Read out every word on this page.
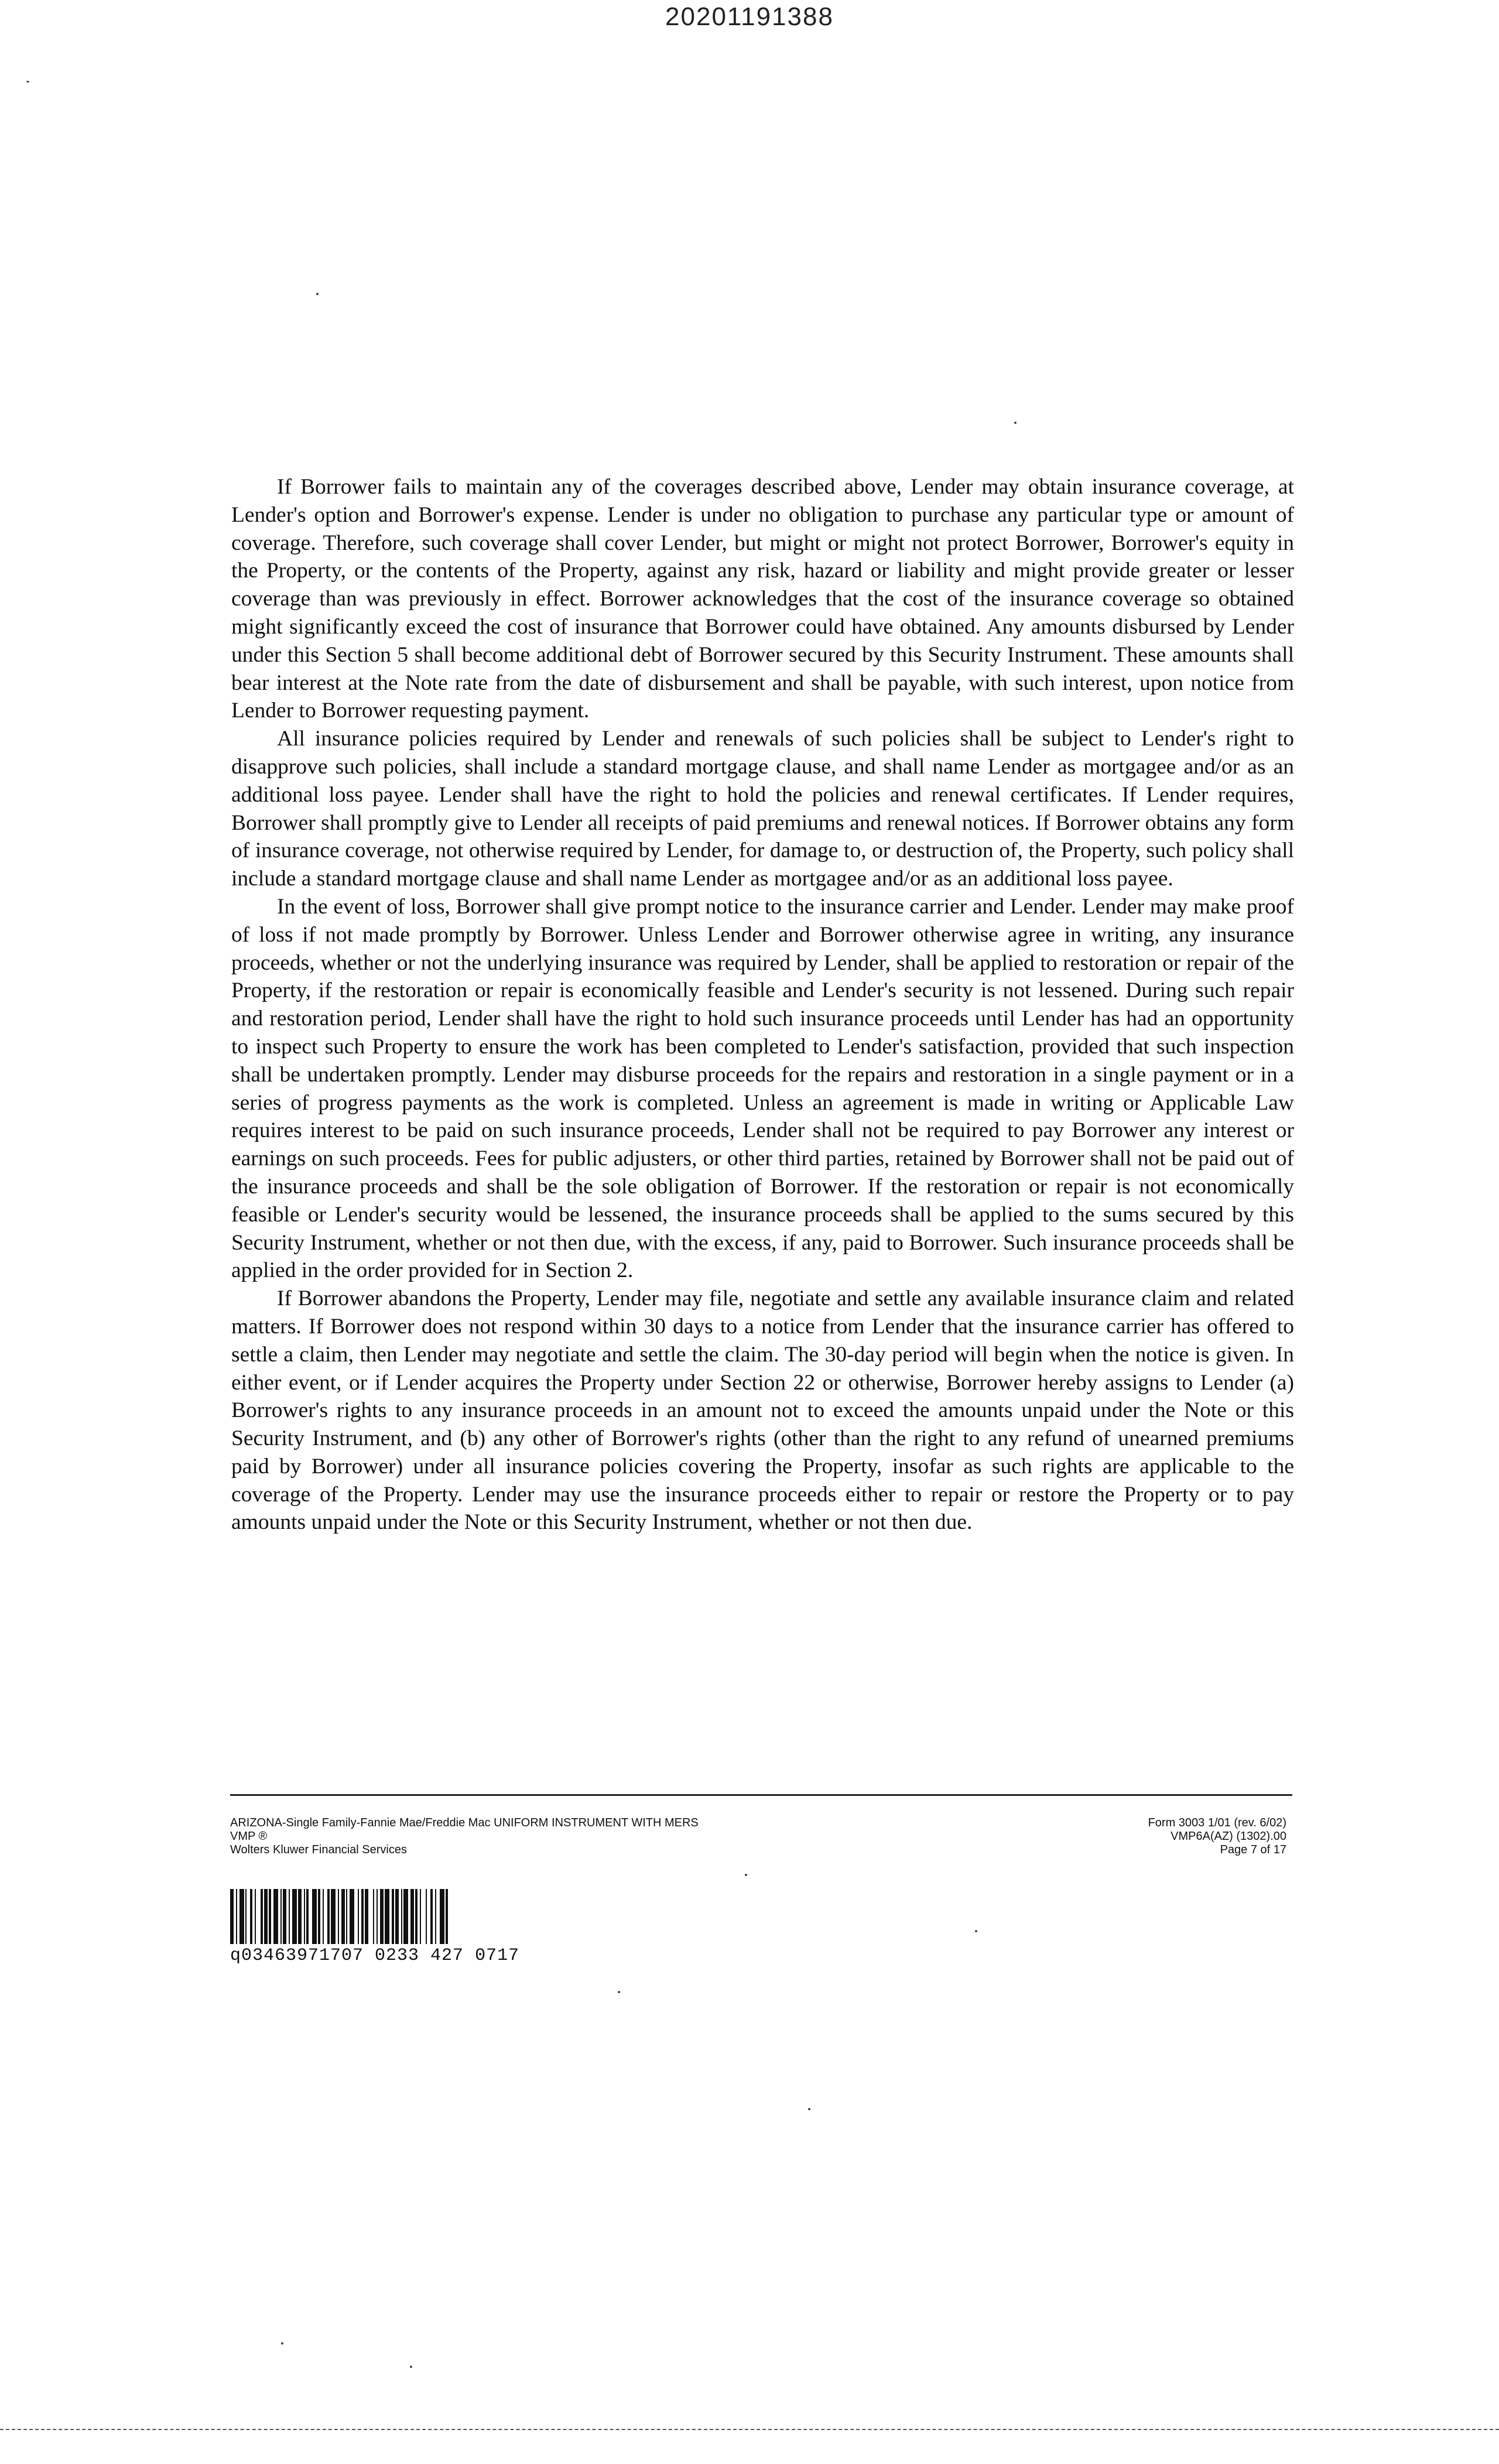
20201191388

If Borrower fails to maintain any of the coverages described above, Lender may obtain insurance coverage, at Lender's option and Borrower's expense. Lender is under no obligation to purchase any particular type or amount of coverage. Therefore, such coverage shall cover Lender, but might or might not protect Borrower, Borrower's equity in the Property, or the contents of the Property, against any risk, hazard or liability and might provide greater or lesser coverage than was previously in effect. Borrower acknowledges that the cost of the insurance coverage so obtained might significantly exceed the cost of insurance that Borrower could have obtained. Any amounts disbursed by Lender under this Section 5 shall become additional debt of Borrower secured by this Security Instrument. These amounts shall bear interest at the Note rate from the date of disbursement and shall be payable, with such interest, upon notice from Lender to Borrower requesting payment.

All insurance policies required by Lender and renewals of such policies shall be subject to Lender's right to disapprove such policies, shall include a standard mortgage clause, and shall name Lender as mortgagee and/or as an additional loss payee. Lender shall have the right to hold the policies and renewal certificates. If Lender requires, Borrower shall promptly give to Lender all receipts of paid premiums and renewal notices. If Borrower obtains any form of insurance coverage, not otherwise required by Lender, for damage to, or destruction of, the Property, such policy shall include a standard mortgage clause and shall name Lender as mortgagee and/or as an additional loss payee.

In the event of loss, Borrower shall give prompt notice to the insurance carrier and Lender. Lender may make proof of loss if not made promptly by Borrower. Unless Lender and Borrower otherwise agree in writing, any insurance proceeds, whether or not the underlying insurance was required by Lender, shall be applied to restoration or repair of the Property, if the restoration or repair is economically feasible and Lender's security is not lessened. During such repair and restoration period, Lender shall have the right to hold such insurance proceeds until Lender has had an opportunity to inspect such Property to ensure the work has been completed to Lender's satisfaction, provided that such inspection shall be undertaken promptly. Lender may disburse proceeds for the repairs and restoration in a single payment or in a series of progress payments as the work is completed. Unless an agreement is made in writing or Applicable Law requires interest to be paid on such insurance proceeds, Lender shall not be required to pay Borrower any interest or earnings on such proceeds. Fees for public adjusters, or other third parties, retained by Borrower shall not be paid out of the insurance proceeds and shall be the sole obligation of Borrower. If the restoration or repair is not economically feasible or Lender's security would be lessened, the insurance proceeds shall be applied to the sums secured by this Security Instrument, whether or not then due, with the excess, if any, paid to Borrower. Such insurance proceeds shall be applied in the order provided for in Section 2.

If Borrower abandons the Property, Lender may file, negotiate and settle any available insurance claim and related matters. If Borrower does not respond within 30 days to a notice from Lender that the insurance carrier has offered to settle a claim, then Lender may negotiate and settle the claim. The 30-day period will begin when the notice is given. In either event, or if Lender acquires the Property under Section 22 or otherwise, Borrower hereby assigns to Lender (a) Borrower's rights to any insurance proceeds in an amount not to exceed the amounts unpaid under the Note or this Security Instrument, and (b) any other of Borrower's rights (other than the right to any refund of unearned premiums paid by Borrower) under all insurance policies covering the Property, insofar as such rights are applicable to the coverage of the Property. Lender may use the insurance proceeds either to repair or restore the Property or to pay amounts unpaid under the Note or this Security Instrument, whether or not then due.

ARIZONA-Single Family-Fannie Mae/Freddie Mac UNIFORM INSTRUMENT WITH MERS
VMP ®
Wolters Kluwer Financial Services
Form 3003 1/01 (rev. 6/02)
VMP6A(AZ) (1302).00
Page 7 of 17
q03463971707 0233 427 0717
